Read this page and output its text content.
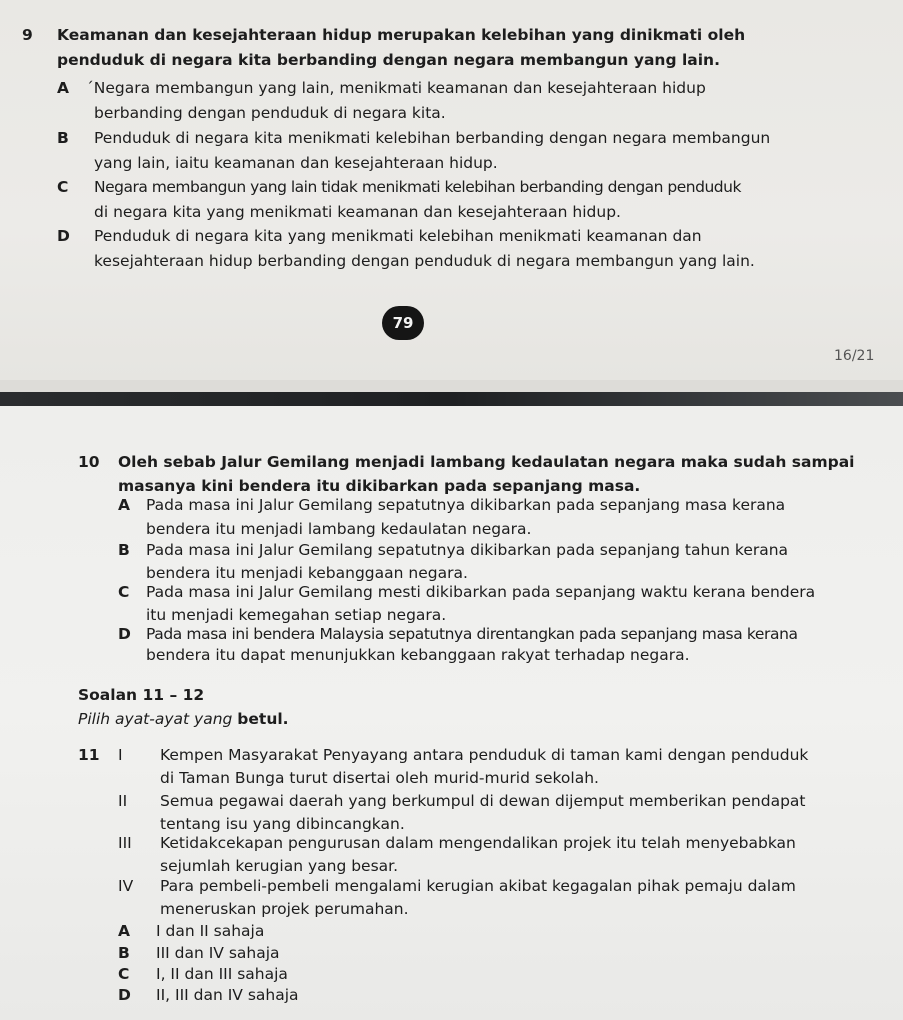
9 Keamanan dan kesejahteraan hidup merupakan kelebihan yang dinikmati oleh
penduduk di negara kita berbanding dengan negara membangun yang lain.
A ´Negara membangun yang lain, menikmati keamanan dan kesejahteraan hidup
berbanding dengan penduduk di negara kita.
B Penduduk di negara kita menikmati kelebihan berbanding dengan negara membangun
yang lain, iaitu keamanan dan kesejahteraan hidup.
C Negara membangun yang lain tidak menikmati kelebihan berbanding dengan penduduk
di negara kita yang menikmati keamanan dan kesejahteraan hidup.
D Penduduk di negara kita yang menikmati kelebihan menikmati keamanan dan
kesejahteraan hidup berbanding dengan penduduk di negara membangun yang lain.
79
16/21
10 Oleh sebab Jalur Gemilang menjadi lambang kedaulatan negara maka sudah sampai
masanya kini bendera itu dikibarkan pada sepanjang masa.
A Pada masa ini Jalur Gemilang sepatutnya dikibarkan pada sepanjang masa kerana
bendera itu menjadi lambang kedaulatan negara.
B Pada masa ini Jalur Gemilang sepatutnya dikibarkan pada sepanjang tahun kerana
bendera itu menjadi kebanggaan negara.
C Pada masa ini Jalur Gemilang mesti dikibarkan pada sepanjang waktu kerana bendera
itu menjadi kemegahan setiap negara.
D Pada masa ini bendera Malaysia sepatutnya direntangkan pada sepanjang masa kerana
bendera itu dapat menunjukkan kebanggaan rakyat terhadap negara.
Soalan 11 – 12
Pilih ayat-ayat yang betul.
11 I Kempen Masyarakat Penyayang antara penduduk di taman kami dengan penduduk
di Taman Bunga turut disertai oleh murid-murid sekolah.
II Semua pegawai daerah yang berkumpul di dewan dijemput memberikan pendapat
tentang isu yang dibincangkan.
III Ketidakcekapan pengurusan dalam mengendalikan projek itu telah menyebabkan
sejumlah kerugian yang besar.
IV Para pembeli-pembeli mengalami kerugian akibat kegagalan pihak pemaju dalam
meneruskan projek perumahan.
A I dan II sahaja
B III dan IV sahaja
C I, II dan III sahaja
D II, III dan IV sahaja
